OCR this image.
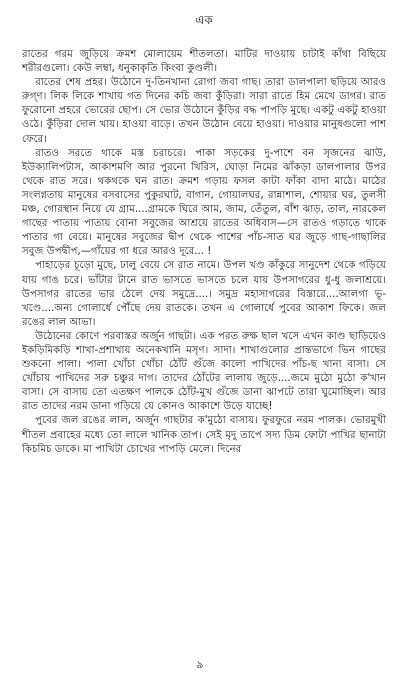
এক

রাতের গরম জুড়িয়ে ক্রমশ মোলায়েম শীতলতা। মাটির দাওয়ায় চাটাই কাঁথা বিছিয়ে শরীরগুলো। কেউ লম্বা, ধনুকাকৃতি কিংবা কুণ্ডলী।

রাতের শেষ প্রহর। উঠোনে দু-তিনখানা রোগা জবা গাছ। তারা ডালপালা ছড়িয়ে আরও রুগ্ণ। লিক লিকে শাখায় গত দিনের কচি জবা কুঁড়িরা। সারা রাতে হিম মেখে ডাগর। রাত ফুরোনো প্রহরে ভোরের ছোপ। সে ভোর উঠোনে কুঁড়ির বদ্ধ পাপড়ি মুছে। একটু একটু হাওয়া ওঠে। কুঁড়িরা দোল খায়। হাওয়া বাড়ে। তখন উঠোন বেয়ে হাওয়া। দাওয়ার মানুষগুলো পাশ ফেরে।

রাতও সরতে থাকে মস্ত চরাচরে। পাকা সড়কের দু-পাশে বন সৃজনের ঝাউ, ইউক্যালিপটাস, আকাশমণি আর পুরনো খিরিস, ঘোড়া নিমের ঝাঁকড়া ডালপালার উপর থেকে রাত সরে। থকথকে ঘন রাত। ক্রমশ গড়ায় ফসল কাটা ফাঁকা বাদা মাঠে। মাঠের সংলগ্নতায় মানুষের বসবাসের পুকুরঘাট, বাগান, গোয়ালঘর, রান্নাশাল, শোয়ার ঘর, তুলসী মঞ্চ, গোরস্থান নিয়ে যে গ্রাম....গ্রামকে ঘিরে আম, জাম, তেঁতুল, বাঁশ ঝাড়, তাল, নারকেল গাছের পাতায় পাতায় বোনা সবুজের আশ্রয়ে রাতের অধিবাস—সে রাতও গড়াতে থাকে পাতার গা বেয়ে। মানুষের সবুজের দ্বীপ থেকে পাশের পাঁচ-সাত ঘর জুড়ে গাছ-গাছালির সবুজ উপদ্বীপ,—গাঁয়ের গা ধরে আরও দূরে... !

পাহাড়ের চূড়ো মুছে, ঢালু বেয়ে সে রাত নামে। উপল খণ্ড কাঁকুরে সানুদেশ থেকে গড়িয়ে যায় গাঙ চরে। ভাঁটার টানে রাত ভাসতে ভাসতে চলে যায় উপসাগরের ধু-ধু জলাশ্রয়ে। উপসাগর রাতের ভার ঠেলে দেয় সমুদ্রে....। সমুদ্র মহাসাগরের বিস্তারে....আলগা ভূ-খণ্ডে....অন্য গোলার্ধে পৌঁছে দেয় রাতকে। তখন এ গোলার্ধে পুবের আকাশ ফিকে। জল রঙের লাল আভা।

উঠোনের কোণে পরবাস্তর অর্জুন গাছটা। এক পরত রুক্ষ ছাল খসে এখন কাণ্ড ছাড়িয়েও ইকড়িমিকড়ি শাখা-প্রশাখায় অনেকখানি মসৃণ। সাদা। শাখাগুলোর প্রান্তভাগে ভিন গাছের শুকনো পালা। পালা খোঁচা খোঁচা ঠোঁট গুঁজে কালো পাখিদের পাঁচ-ছ খানা বাসা। সে খোঁচায় পাখিদের সরু চঞ্চুর দাগ। তাদের ঠোঁটের লালায় জুড়ে....জমে মুঠো মুঠো ক'খান বাসা। সে বাসায় তো এতক্ষণ পালকে ঠোঁট-মুখ গুঁজে ডানা ঝাপটে তারা ঘুমোচ্ছিল। আর রাত তাদের নরম ডানা গড়িয়ে যে কোনও আকাশে উড়ে যাচ্ছে!

পুবের জল রঙের লাল, অর্জুন গাছটার ক'মুঠো বাসায়। ফুরফুরে নরম পালক। ভোরমুখী শীতল প্রবাহের মধ্যে তো লালে খানিক তাপ। সেই মৃদু তাপে সদ্য ডিম ফোটা পাখির ছানাটা কিচমিচ ডাকে। মা পাখিটা চোখের পাপড়ি মেলে। দিনের

৯
